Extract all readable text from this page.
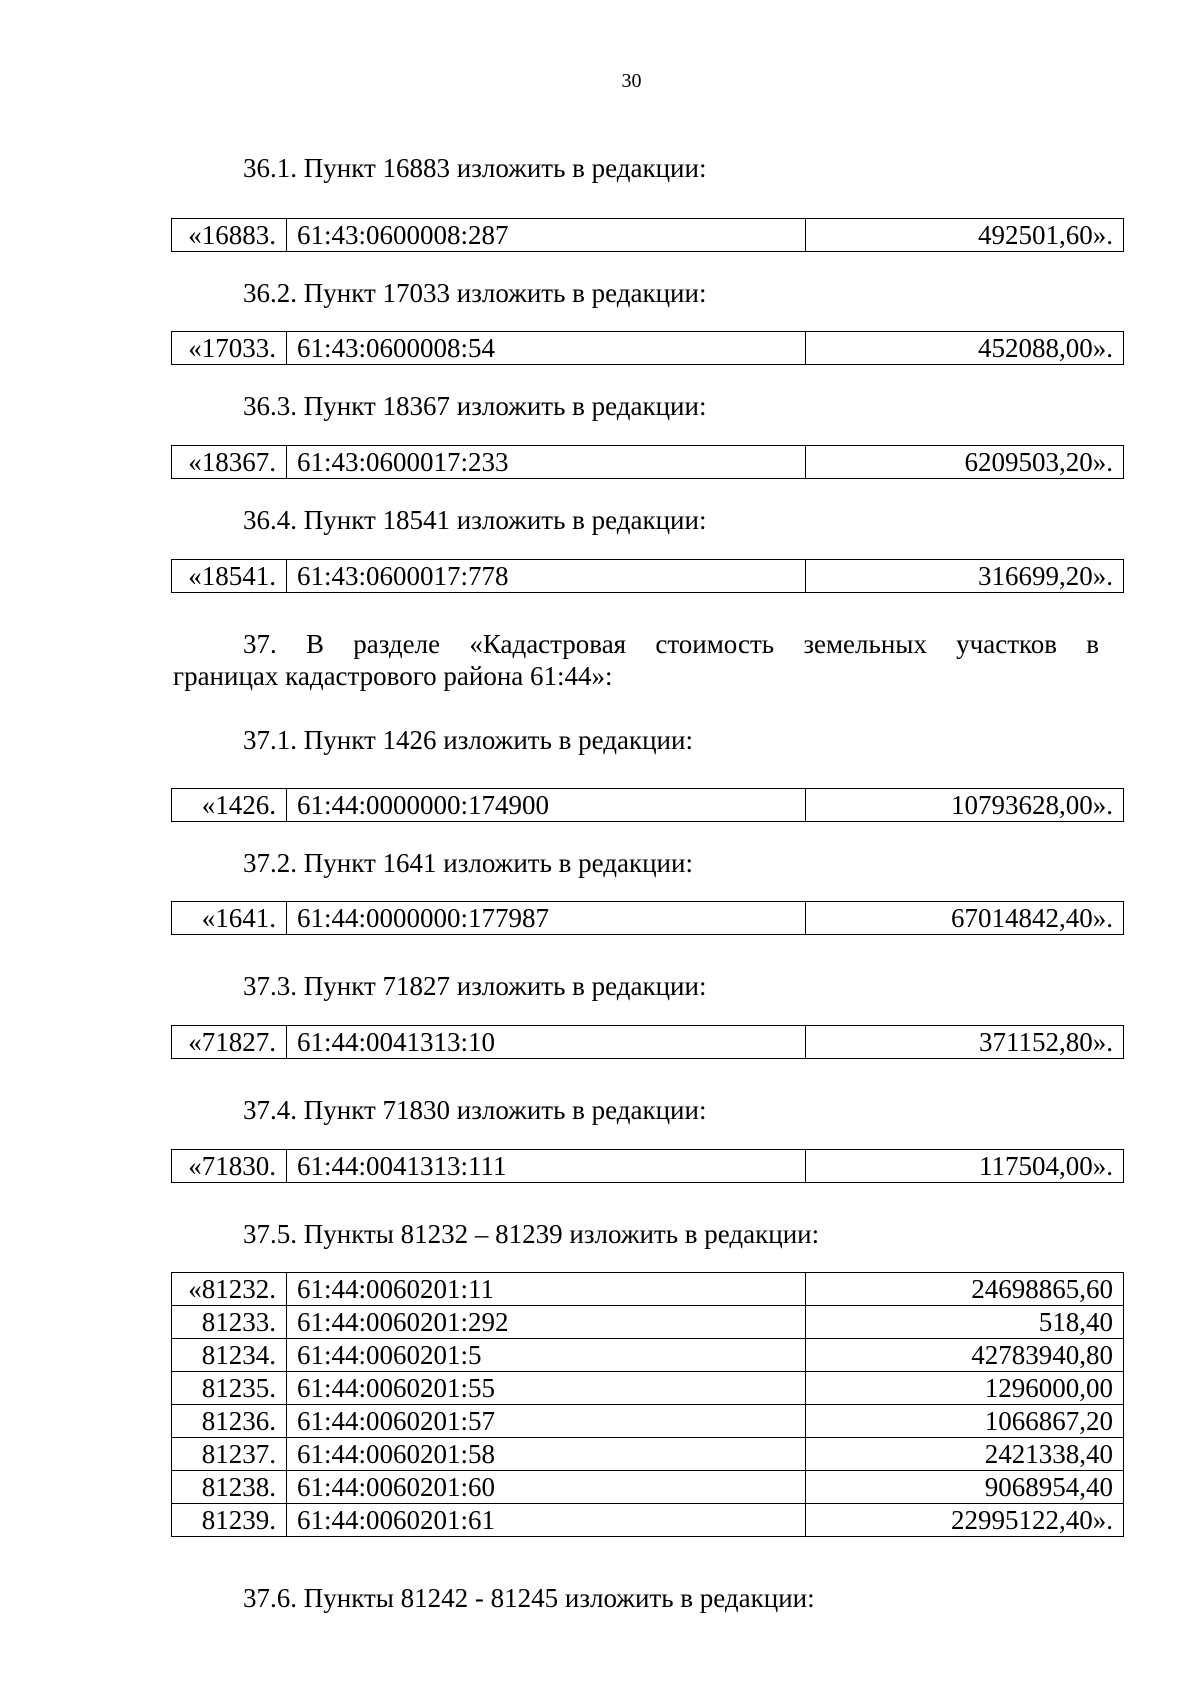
30
36.1. Пункт 16883 изложить в редакции:
«16883.	61:43:0600008:287	492501,60».
36.2. Пункт 17033 изложить в редакции:
«17033.	61:43:0600008:54	452088,00».
36.3. Пункт 18367 изложить в редакции:
«18367.	61:43:0600017:233	6209503,20».
36.4. Пункт 18541 изложить в редакции:
«18541.	61:43:0600017:778	316699,20».
37. В разделе «Кадастровая стоимость земельных участков в
границах кадастрового района 61:44»:
37.1. Пункт 1426 изложить в редакции:
«1426.	61:44:0000000:174900	10793628,00».
37.2. Пункт 1641 изложить в редакции:
«1641.	61:44:0000000:177987	67014842,40».
37.3. Пункт 71827 изложить в редакции:
«71827.	61:44:0041313:10	371152,80».
37.4. Пункт 71830 изложить в редакции:
«71830.	61:44:0041313:111	117504,00».
37.5. Пункты 81232 – 81239 изложить в редакции:
«81232.	61:44:0060201:11	24698865,60
81233.	61:44:0060201:292	518,40
81234.	61:44:0060201:5	42783940,80
81235.	61:44:0060201:55	1296000,00
81236.	61:44:0060201:57	1066867,20
81237.	61:44:0060201:58	2421338,40
81238.	61:44:0060201:60	9068954,40
81239.	61:44:0060201:61	22995122,40».
37.6. Пункты 81242 - 81245 изложить в редакции:
